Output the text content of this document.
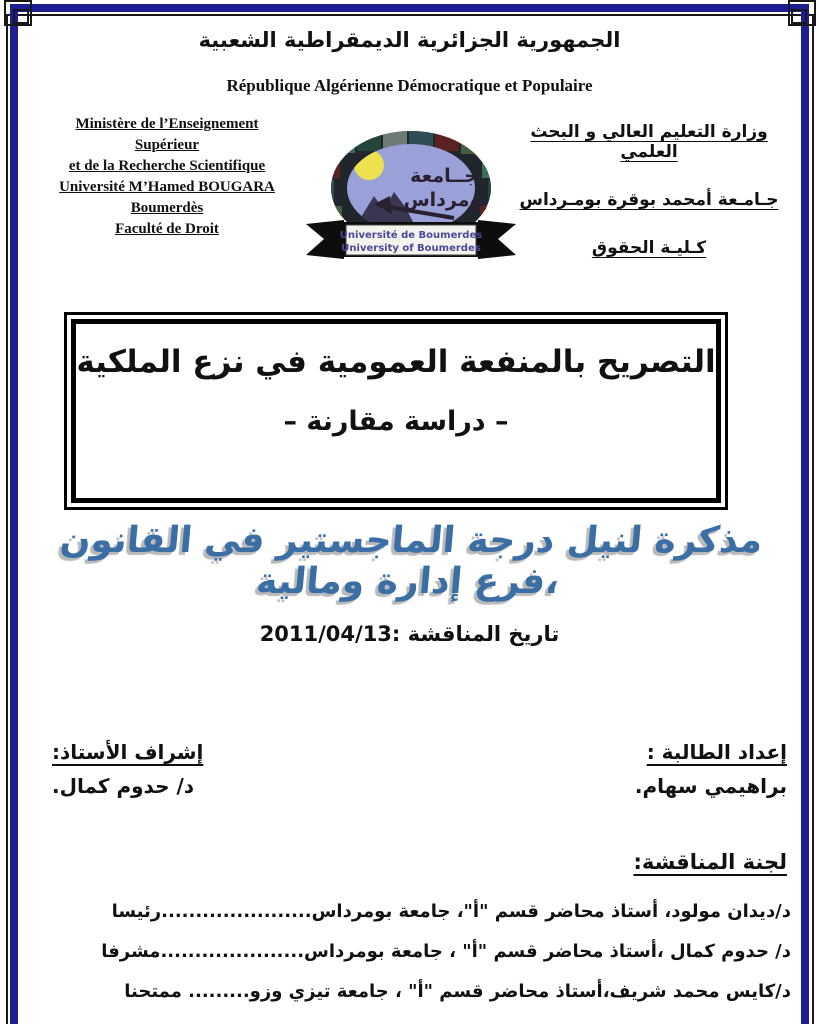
الجمهورية الجزائرية الديمقراطية الشعبية
République Algérienne Démocratique et Populaire
Ministère de l’Enseignement
Supérieur
et de la Recherche Scientifique
Université M’Hamed BOUGARA
Boumerdès
Faculté de Droit
جــامعة
بومرداس
Université de Boumerdes
University of Boumerdes
وزارة التعليم العالي و البحث العلمي
جـامـعة أمحمد بوقرة بومـرداس
كـليـة الحقوق
التصريح بالمنفعة العمومية في نزع الملكية
– دراسة مقارنة –
مذكرة لنيل درجة الماجستير في القانون ،فرع إدارة ومالية
تاريخ المناقشة :2011/04/13
إعداد الطالبة :
براهيمي سهام.
إشراف الأستاذ:
د/ حدوم كمال.
لجنة المناقشة:
د/ديدان مولود، أستاذ محاضر قسم "أ"، جامعة بومرداس......................رئيسا
د/ حدوم كمال ،أستاذ محاضر قسم "أ" ، جامعة بومرداس.....................مشرفا
د/كايس محمد شريف،أستاذ محاضر قسم "أ" ، جامعة تيزي وزو......... ممتحنا
